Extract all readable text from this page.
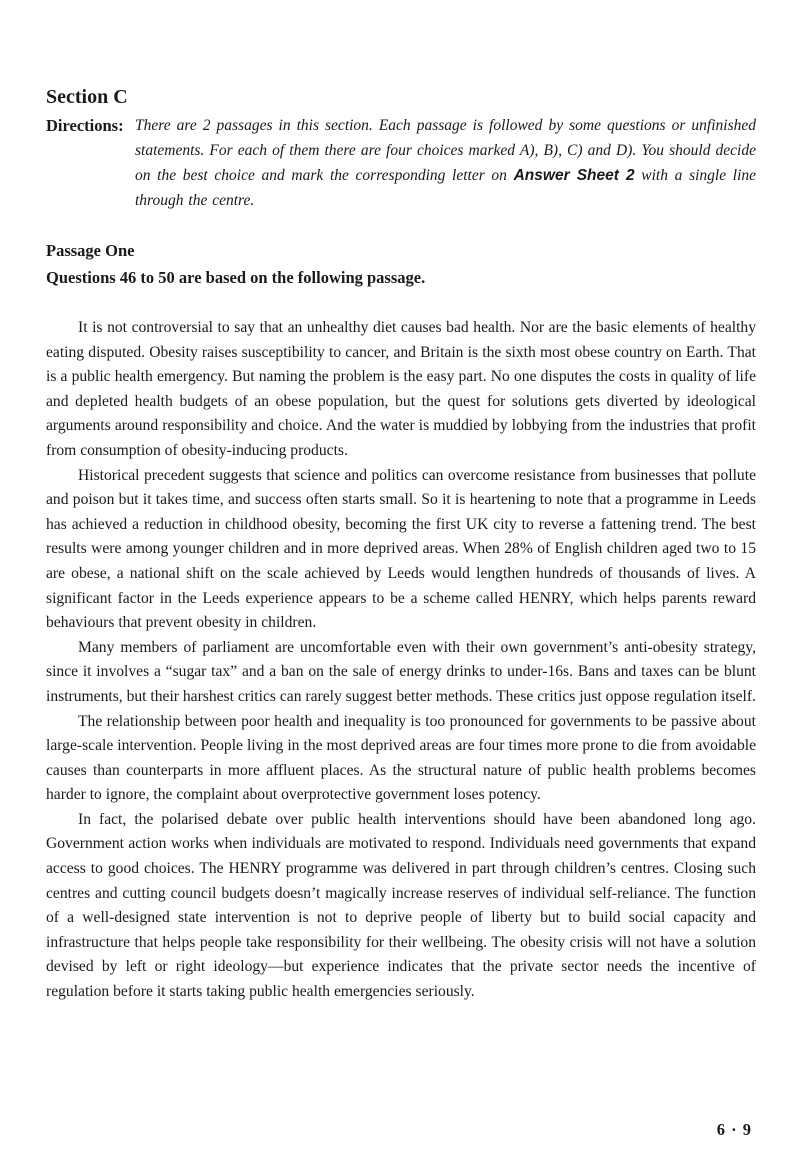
Section C
Directions: There are 2 passages in this section. Each passage is followed by some questions or unfinished statements. For each of them there are four choices marked A), B), C) and D). You should decide on the best choice and mark the corresponding letter on Answer Sheet 2 with a single line through the centre.
Passage One
Questions 46 to 50 are based on the following passage.

It is not controversial to say that an unhealthy diet causes bad health. Nor are the basic elements of healthy eating disputed. Obesity raises susceptibility to cancer, and Britain is the sixth most obese country on Earth. That is a public health emergency. But naming the problem is the easy part. No one disputes the costs in quality of life and depleted health budgets of an obese population, but the quest for solutions gets diverted by ideological arguments around responsibility and choice. And the water is muddied by lobbying from the industries that profit from consumption of obesity-inducing products.

Historical precedent suggests that science and politics can overcome resistance from businesses that pollute and poison but it takes time, and success often starts small. So it is heartening to note that a programme in Leeds has achieved a reduction in childhood obesity, becoming the first UK city to reverse a fattening trend. The best results were among younger children and in more deprived areas. When 28% of English children aged two to 15 are obese, a national shift on the scale achieved by Leeds would lengthen hundreds of thousands of lives. A significant factor in the Leeds experience appears to be a scheme called HENRY, which helps parents reward behaviours that prevent obesity in children.

Many members of parliament are uncomfortable even with their own government’s anti-obesity strategy, since it involves a “sugar tax” and a ban on the sale of energy drinks to under-16s. Bans and taxes can be blunt instruments, but their harshest critics can rarely suggest better methods. These critics just oppose regulation itself.

The relationship between poor health and inequality is too pronounced for governments to be passive about large-scale intervention. People living in the most deprived areas are four times more prone to die from avoidable causes than counterparts in more affluent places. As the structural nature of public health problems becomes harder to ignore, the complaint about overprotective government loses potency.

In fact, the polarised debate over public health interventions should have been abandoned long ago. Government action works when individuals are motivated to respond. Individuals need governments that expand access to good choices. The HENRY programme was delivered in part through children’s centres. Closing such centres and cutting council budgets doesn’t magically increase reserves of individual self-reliance. The function of a well-designed state intervention is not to deprive people of liberty but to build social capacity and infrastructure that helps people take responsibility for their wellbeing. The obesity crisis will not have a solution devised by left or right ideology—but experience indicates that the private sector needs the incentive of regulation before it starts taking public health emergencies seriously.

6 · 9
